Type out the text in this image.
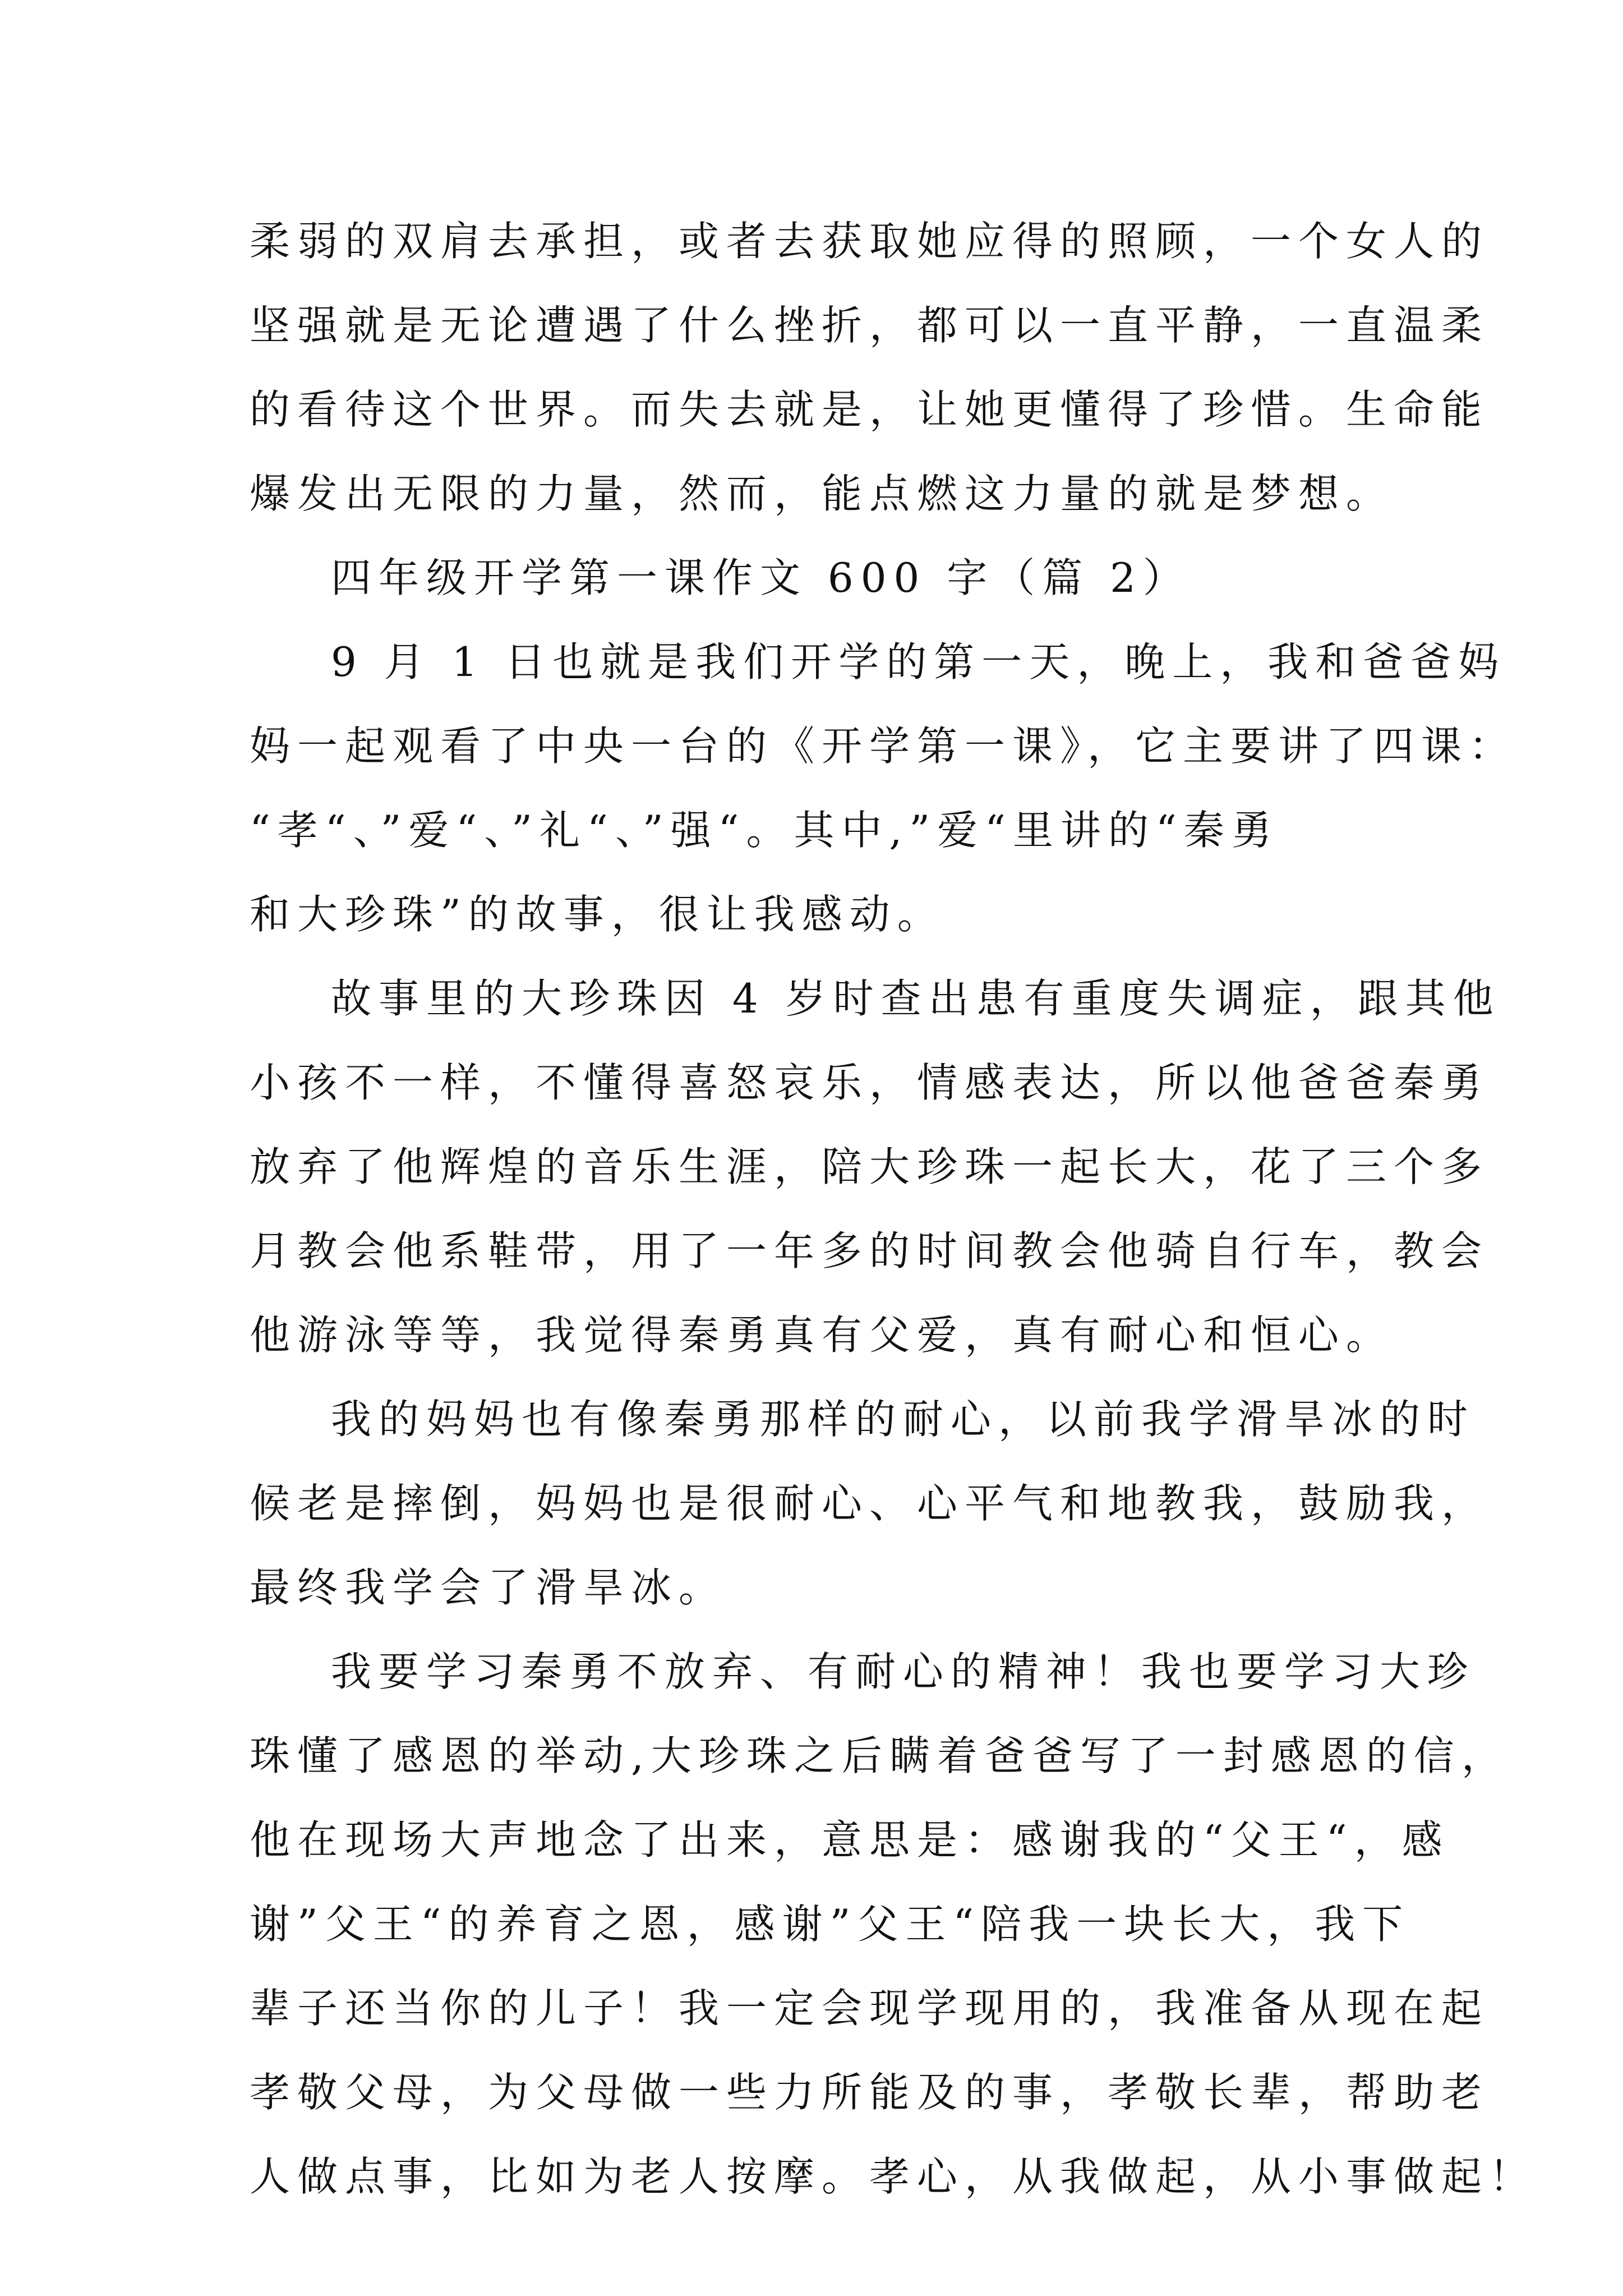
柔弱的双肩去承担，或者去获取她应得的照顾，一个女人的
坚强就是无论遭遇了什么挫折，都可以一直平静，一直温柔
的看待这个世界。而失去就是，让她更懂得了珍惜。生命能
爆发出无限的力量，然而，能点燃这力量的就是梦想。
四年级开学第一课作文 600 字（篇 2）
9 月 1 日也就是我们开学的第一天，晚上，我和爸爸妈
妈一起观看了中央一台的《开学第一课》，它主要讲了四课：
“孝“、”爱“、”礼“、”强“。其中,”爱“里讲的“秦勇
和大珍珠”的故事，很让我感动。
故事里的大珍珠因 4 岁时查出患有重度失调症，跟其他
小孩不一样，不懂得喜怒哀乐，情感表达，所以他爸爸秦勇
放弃了他辉煌的音乐生涯，陪大珍珠一起长大，花了三个多
月教会他系鞋带，用了一年多的时间教会他骑自行车，教会
他游泳等等，我觉得秦勇真有父爱，真有耐心和恒心。
我的妈妈也有像秦勇那样的耐心，以前我学滑旱冰的时
候老是摔倒，妈妈也是很耐心、心平气和地教我，鼓励我，
最终我学会了滑旱冰。
我要学习秦勇不放弃、有耐心的精神！我也要学习大珍
珠懂了感恩的举动,大珍珠之后瞒着爸爸写了一封感恩的信，
他在现场大声地念了出来，意思是：感谢我的“父王“，感
谢”父王“的养育之恩，感谢”父王“陪我一块长大，我下
辈子还当你的儿子！我一定会现学现用的，我准备从现在起
孝敬父母，为父母做一些力所能及的事，孝敬长辈，帮助老
人做点事，比如为老人按摩。孝心，从我做起，从小事做起！
